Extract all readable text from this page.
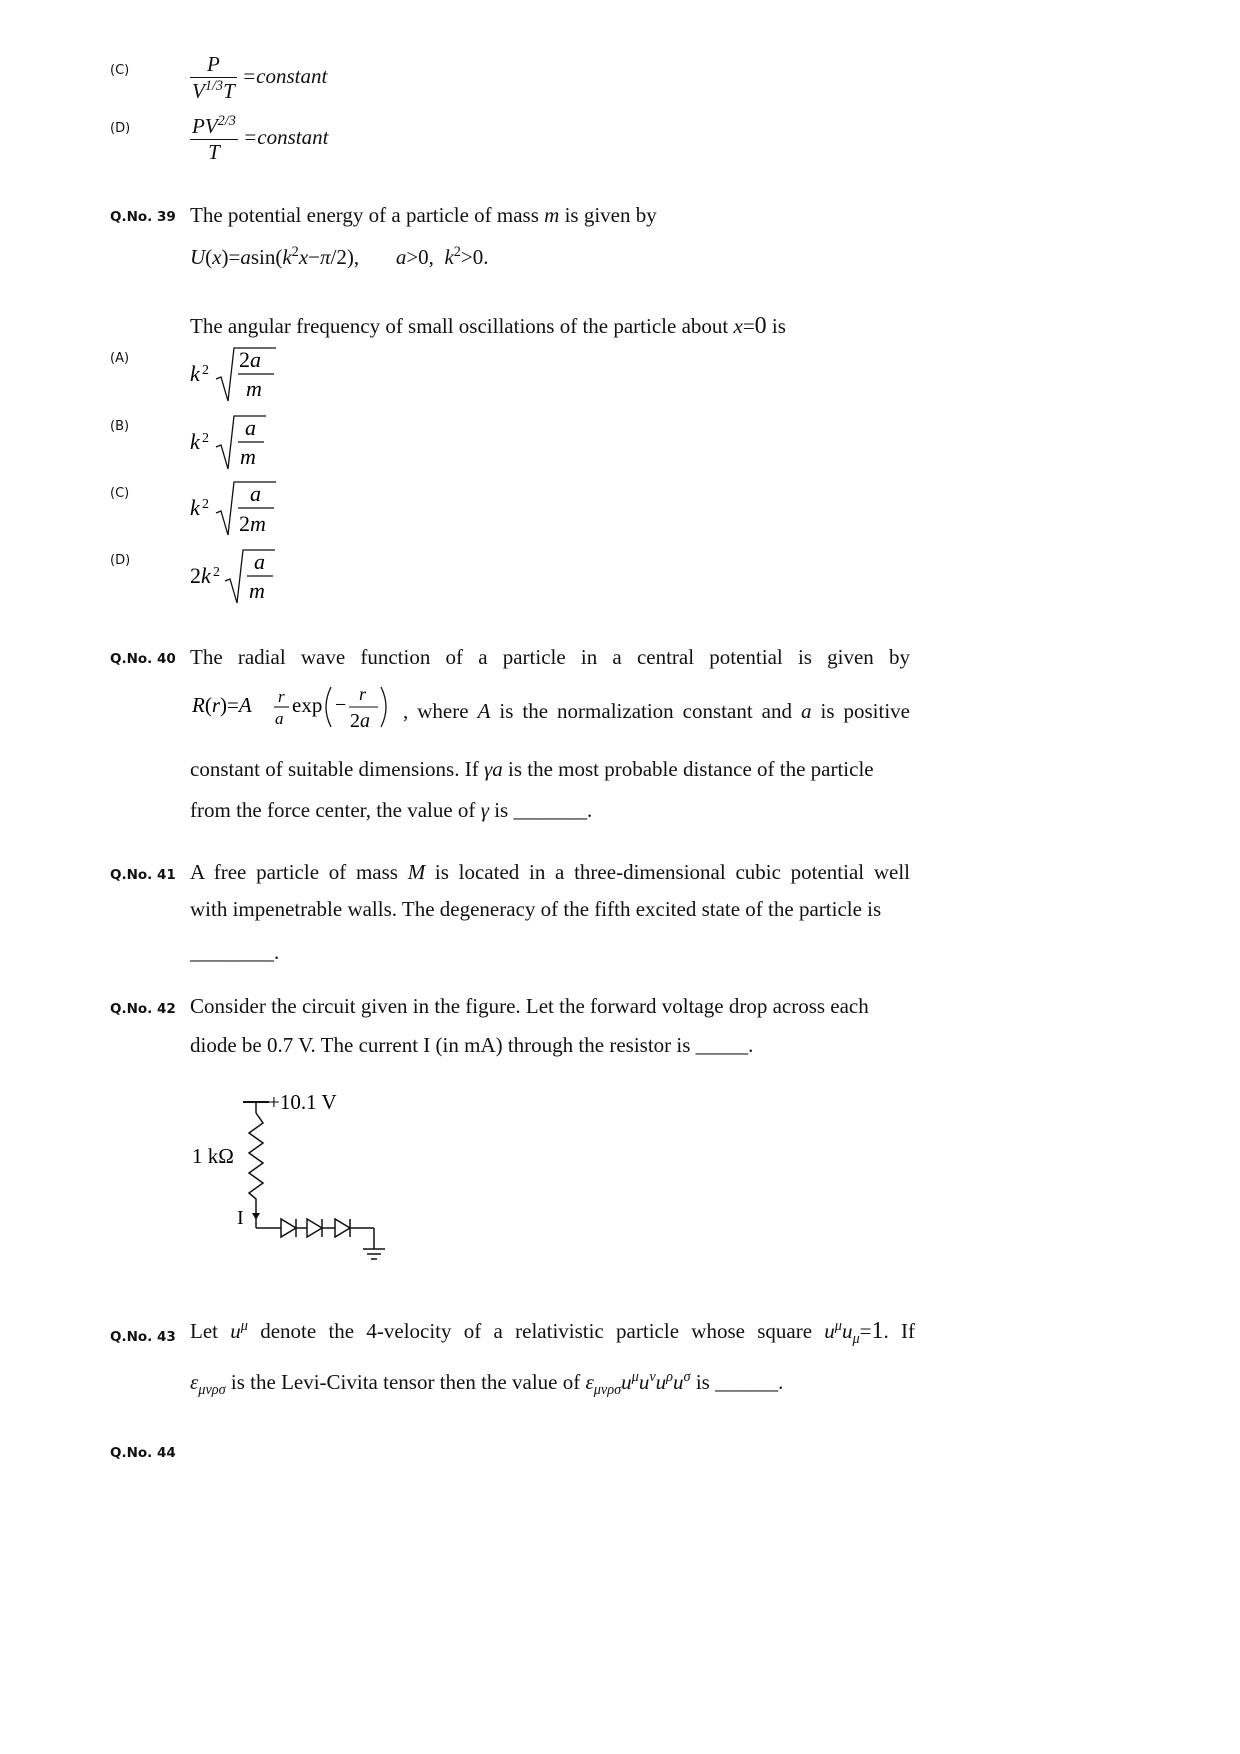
(C)	$\frac{P}{V^{1/3}T}$ =constant
(D)	$\frac{PV^{2/3}}{T}$ =constant
Q.No. 39 The potential energy of a particle of mass m is given by
$U(x)=asin(k^2x-\pi/2)$,       a>0,  $k^2>0$.
The angular frequency of small oscillations of the particle about x=0 is
(A)
k 2 2a
m
(B)
k 2 a
m
(C)
k 2 a
2m
(D)
2k 2 a
m
Q.No. 40 The radial wave function of a particle in a central potential is given by
R(r)=A r
a
exp − r
2a , where A is the normalization constant and a is positive
constant of suitable dimensions. If γa is the most probable distance of the particle
from the force center, the value of γ is _______.
Q.No. 41 A free particle of mass M is located in a three-dimensional cubic potential well
with impenetrable walls. The degeneracy of the fifth excited state of the particle is
________.
Q.No. 42 Consider the circuit given in the figure. Let the forward voltage drop across each
diode be 0.7 V. The current I (in mA) through the resistor is _____.
+10.1 V
1 kΩ
I
Q.No. 43 Let $u^\mu$ denote the 4-velocity of a relativistic particle whose square $u^\mu u_\mu=1$. If
$\varepsilon_{\mu\nu\rho\sigma}$ is the Levi-Civita tensor then the value of $\varepsilon_{\mu\nu\rho\sigma}u^\mu u^\nu u^\rho u^\sigma$ is ______.
Q.No. 44
